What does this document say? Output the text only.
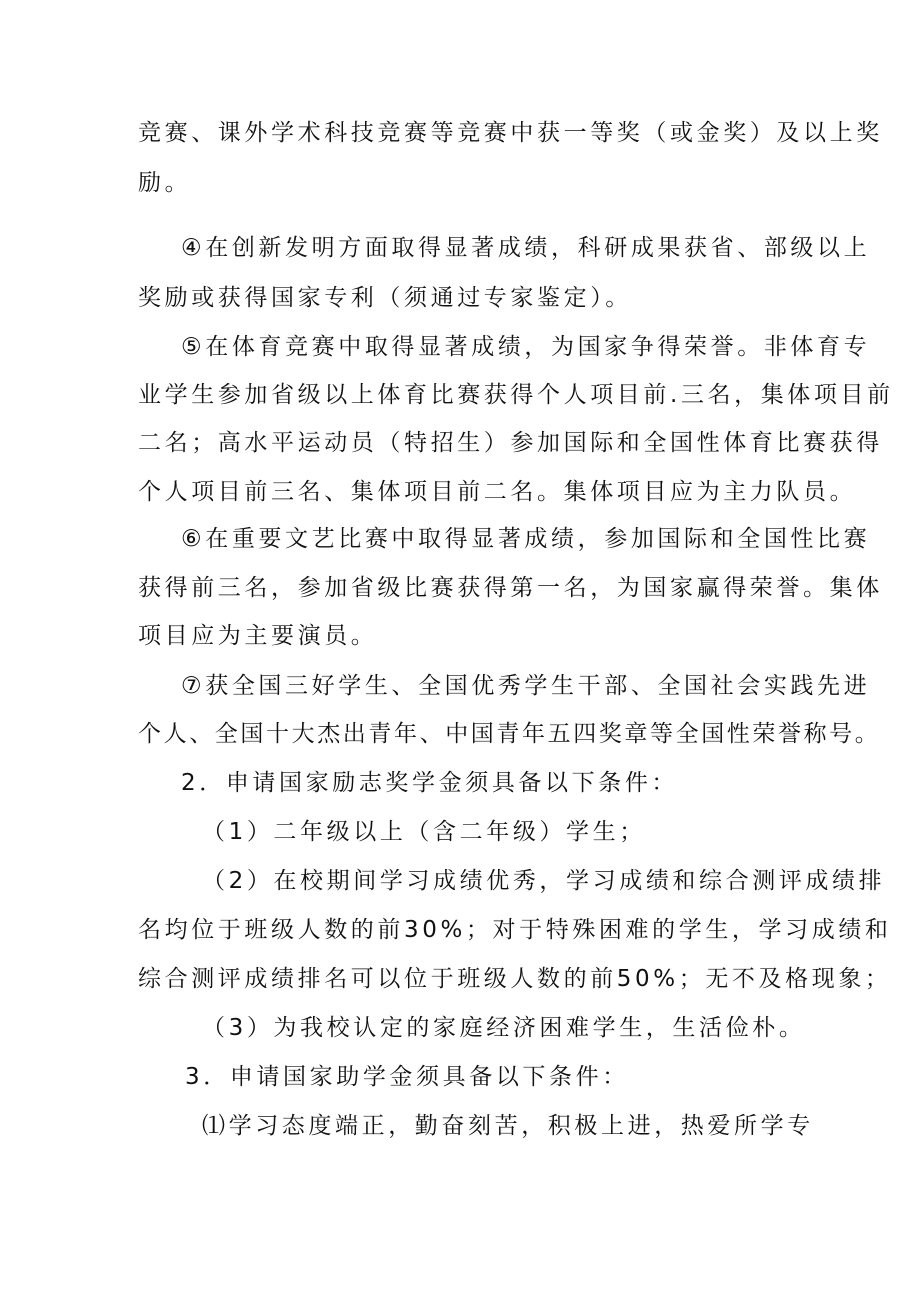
竞赛、课外学术科技竞赛等竞赛中获一等奖（或金奖）及以上奖

励。

④在创新发明方面取得显著成绩，科研成果获省、部级以上

奖励或获得国家专利（须通过专家鉴定）。

⑤在体育竞赛中取得显著成绩，为国家争得荣誉。非体育专

业学生参加省级以上体育比赛获得个人项目前.三名，集体项目前

二名；高水平运动员（特招生）参加国际和全国性体育比赛获得

个人项目前三名、集体项目前二名。集体项目应为主力队员。

⑥在重要文艺比赛中取得显著成绩，参加国际和全国性比赛

获得前三名，参加省级比赛获得第一名，为国家赢得荣誉。集体

项目应为主要演员。

⑦获全国三好学生、全国优秀学生干部、全国社会实践先进

个人、全国十大杰出青年、中国青年五四奖章等全国性荣誉称号。

2．申请国家励志奖学金须具备以下条件：

（1）二年级以上（含二年级）学生；

（2）在校期间学习成绩优秀，学习成绩和综合测评成绩排

名均位于班级人数的前30%；对于特殊困难的学生，学习成绩和

综合测评成绩排名可以位于班级人数的前50%；无不及格现象；

（3）为我校认定的家庭经济困难学生，生活俭朴。

3．申请国家助学金须具备以下条件：

⑴学习态度端正，勤奋刻苦，积极上进，热爱所学专
